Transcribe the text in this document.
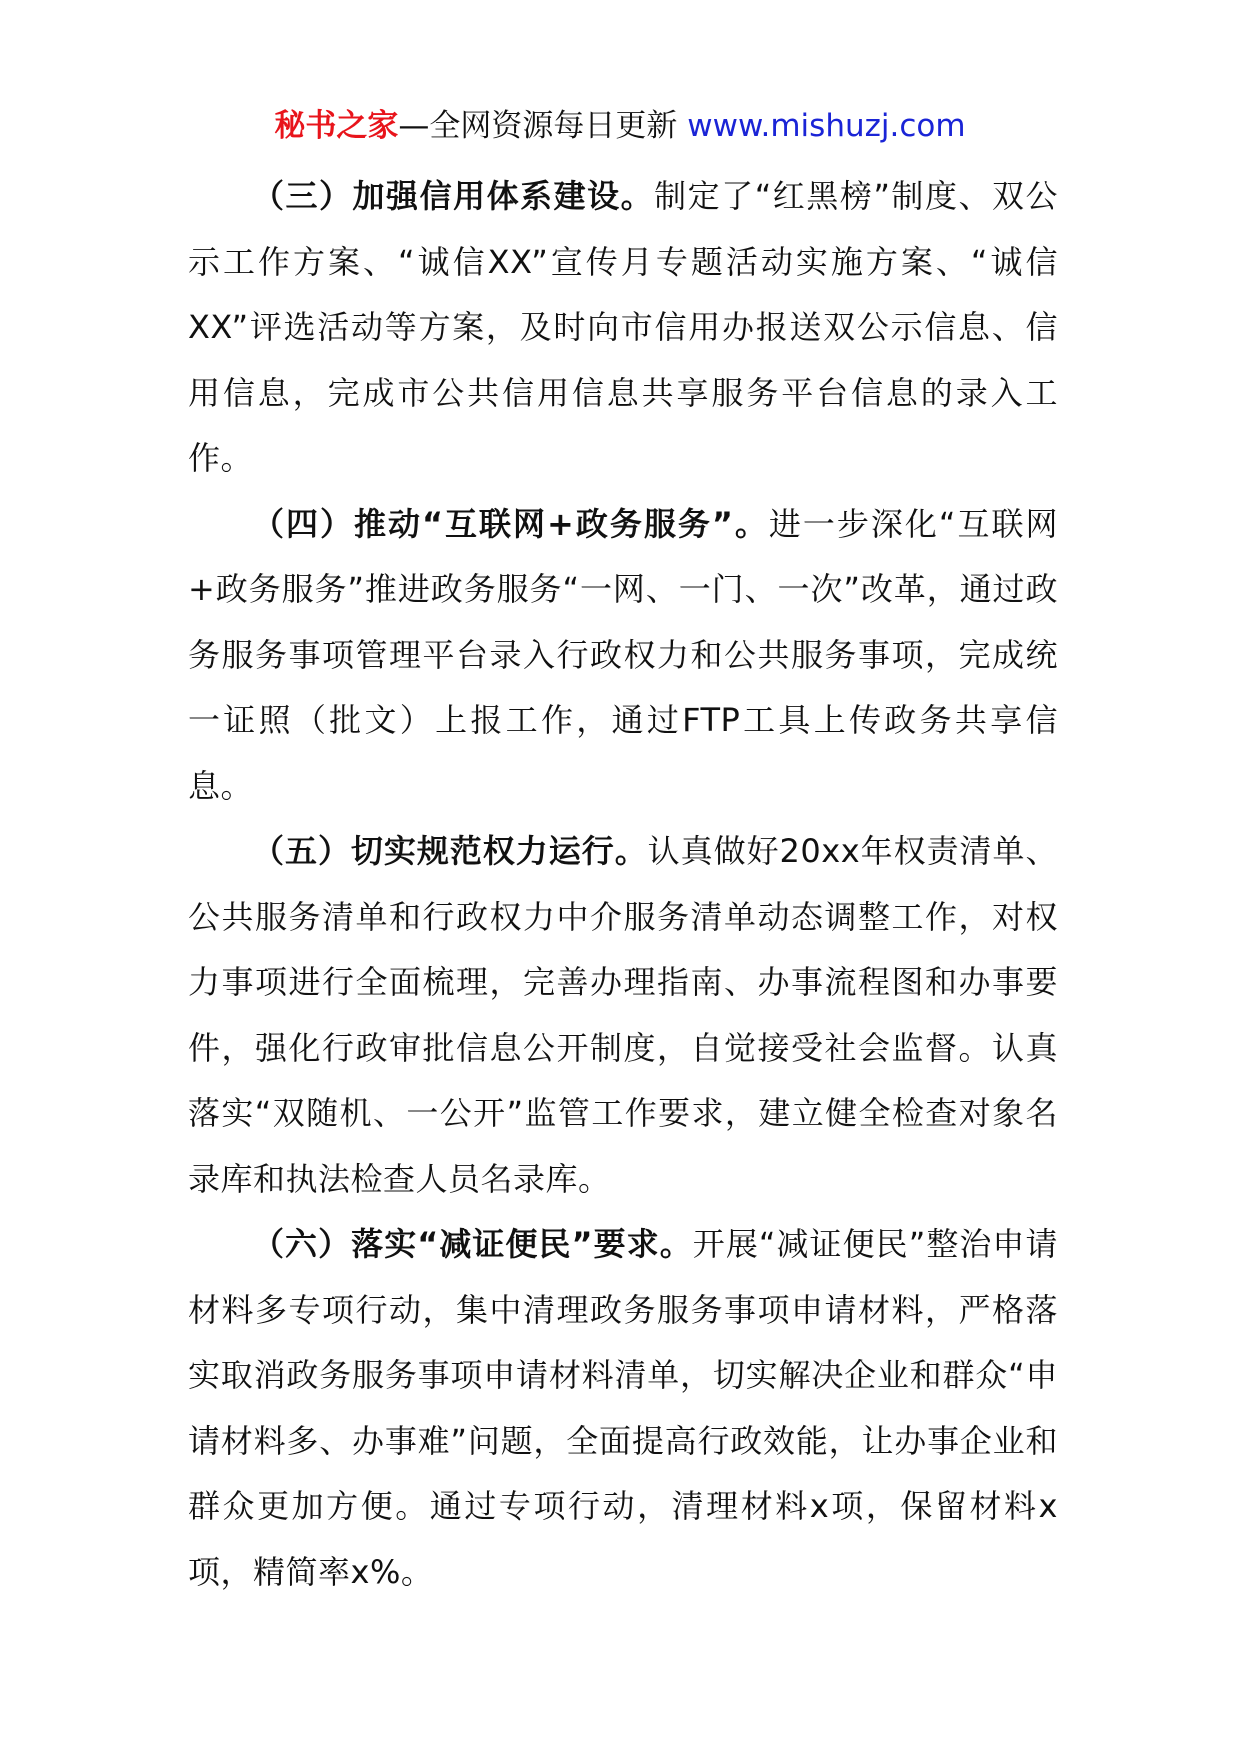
秘书之家—全网资源每日更新 www.mishuzj.com

（三）加强信用体系建设。制定了“红黑榜”制度、双公示工作方案、“诚信XX”宣传月专题活动实施方案、“诚信XX”评选活动等方案，及时向市信用办报送双公示信息、信用信息，完成市公共信用信息共享服务平台信息的录入工作。

（四）推动“互联网+政务服务”。进一步深化“互联网+政务服务”推进政务服务“一网、一门、一次”改革，通过政务服务事项管理平台录入行政权力和公共服务事项，完成统一证照（批文）上报工作，通过FTP工具上传政务共享信息。

（五）切实规范权力运行。认真做好20xx年权责清单、公共服务清单和行政权力中介服务清单动态调整工作，对权力事项进行全面梳理，完善办理指南、办事流程图和办事要件，强化行政审批信息公开制度，自觉接受社会监督。认真落实“双随机、一公开”监管工作要求，建立健全检查对象名录库和执法检查人员名录库。

（六）落实“减证便民”要求。开展“减证便民”整治申请材料多专项行动，集中清理政务服务事项申请材料，严格落实取消政务服务事项申请材料清单，切实解决企业和群众“申请材料多、办事难”问题，全面提高行政效能，让办事企业和群众更加方便。通过专项行动，清理材料x项，保留材料x项，精简率x%。
